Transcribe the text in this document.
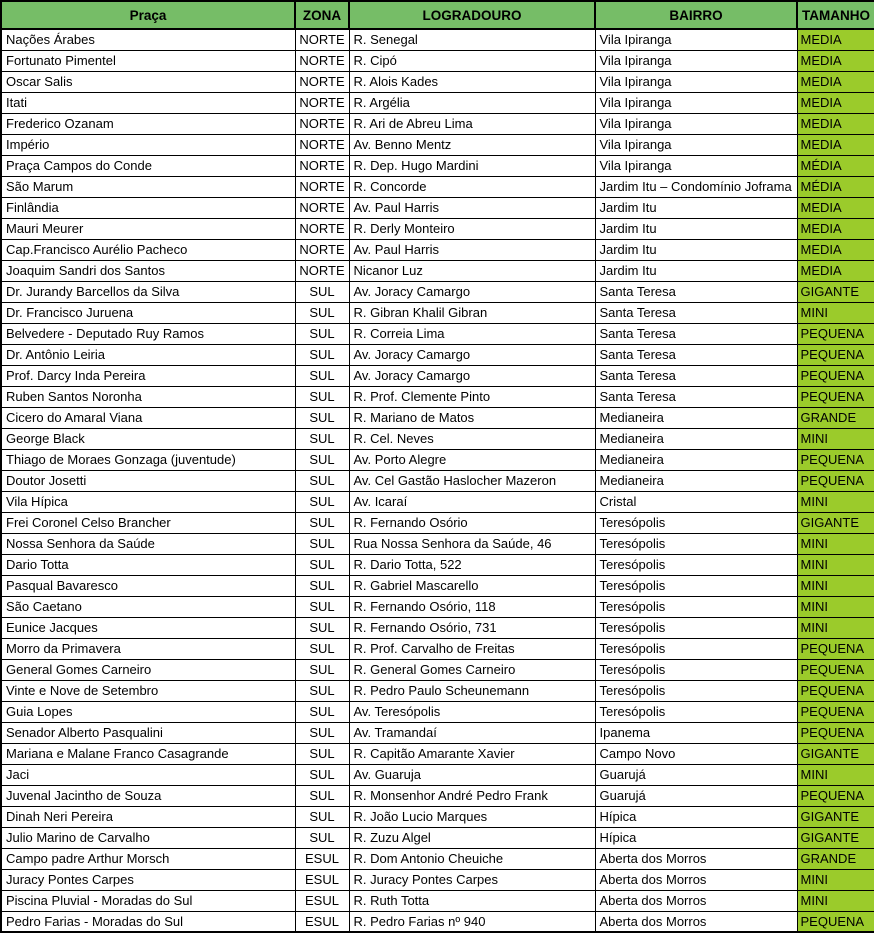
Praça	ZONA	LOGRADOURO	BAIRRO	TAMANHO
Nações Árabes	NORTE	R. Senegal	Vila Ipiranga	MEDIA
Fortunato Pimentel	NORTE	R. Cipó	Vila Ipiranga	MEDIA
Oscar Salis	NORTE	R. Alois Kades	Vila Ipiranga	MEDIA
Itati	NORTE	R. Argélia	Vila Ipiranga	MEDIA
Frederico Ozanam	NORTE	R. Ari de Abreu Lima	Vila Ipiranga	MEDIA
Império	NORTE	Av. Benno Mentz	Vila Ipiranga	MEDIA
Praça Campos do Conde	NORTE	R. Dep. Hugo Mardini	Vila Ipiranga	MÉDIA
São Marum	NORTE	R. Concorde	Jardim Itu – Condomínio Joframa	MÉDIA
Finlândia	NORTE	Av. Paul Harris	Jardim Itu	MEDIA
Mauri Meurer	NORTE	R. Derly Monteiro	Jardim Itu	MEDIA
Cap.Francisco Aurélio Pacheco	NORTE	Av. Paul Harris	Jardim Itu	MEDIA
Joaquim Sandri dos Santos	NORTE	Nicanor Luz	Jardim Itu	MEDIA
Dr. Jurandy Barcellos da Silva	SUL	Av. Joracy Camargo	Santa Teresa	GIGANTE
Dr. Francisco Juruena	SUL	R. Gibran Khalil Gibran	Santa Teresa	MINI
Belvedere - Deputado Ruy Ramos	SUL	R. Correia Lima	Santa Teresa	PEQUENA
Dr. Antônio Leiria	SUL	Av. Joracy Camargo	Santa Teresa	PEQUENA
Prof. Darcy Inda Pereira	SUL	Av. Joracy Camargo	Santa Teresa	PEQUENA
Ruben Santos Noronha	SUL	R. Prof. Clemente Pinto	Santa Teresa	PEQUENA
Cicero do Amaral Viana	SUL	R. Mariano de Matos	Medianeira	GRANDE
George Black	SUL	R. Cel. Neves	Medianeira	MINI
Thiago de Moraes Gonzaga (juventude)	SUL	Av. Porto Alegre	Medianeira	PEQUENA
Doutor Josetti	SUL	Av. Cel Gastão Haslocher Mazeron	Medianeira	PEQUENA
Vila Hípica	SUL	Av. Icaraí	Cristal	MINI
Frei Coronel Celso Brancher	SUL	R. Fernando Osório	Teresópolis	GIGANTE
Nossa Senhora da Saúde	SUL	Rua Nossa Senhora da Saúde, 46	Teresópolis	MINI
Dario Totta	SUL	R. Dario Totta, 522	Teresópolis	MINI
Pasqual Bavaresco	SUL	R. Gabriel Mascarello	Teresópolis	MINI
São Caetano	SUL	R. Fernando Osório, 118	Teresópolis	MINI
Eunice Jacques	SUL	R. Fernando Osório, 731	Teresópolis	MINI
Morro da Primavera	SUL	R. Prof. Carvalho de Freitas	Teresópolis	PEQUENA
General Gomes Carneiro	SUL	R. General Gomes Carneiro	Teresópolis	PEQUENA
Vinte e Nove de Setembro	SUL	R. Pedro Paulo Scheunemann	Teresópolis	PEQUENA
Guia Lopes	SUL	Av. Teresópolis	Teresópolis	PEQUENA
Senador Alberto Pasqualini	SUL	Av. Tramandaí	Ipanema	PEQUENA
Mariana e Malane Franco Casagrande	SUL	R. Capitão Amarante Xavier	Campo Novo	GIGANTE
Jaci	SUL	Av. Guaruja	Guarujá	MINI
Juvenal Jacintho de Souza	SUL	R. Monsenhor André Pedro Frank	Guarujá	PEQUENA
Dinah Neri Pereira	SUL	R. João Lucio Marques	Hípica	GIGANTE
Julio Marino de Carvalho	SUL	R. Zuzu Algel	Hípica	GIGANTE
Campo padre Arthur Morsch	ESUL	R. Dom Antonio Cheuiche	Aberta dos Morros	GRANDE
Juracy Pontes Carpes	ESUL	R. Juracy Pontes Carpes	Aberta dos Morros	MINI
Piscina Pluvial - Moradas do Sul	ESUL	R. Ruth Totta	Aberta dos Morros	MINI
Pedro Farias - Moradas do Sul	ESUL	R. Pedro Farias nº 940	Aberta dos Morros	PEQUENA
